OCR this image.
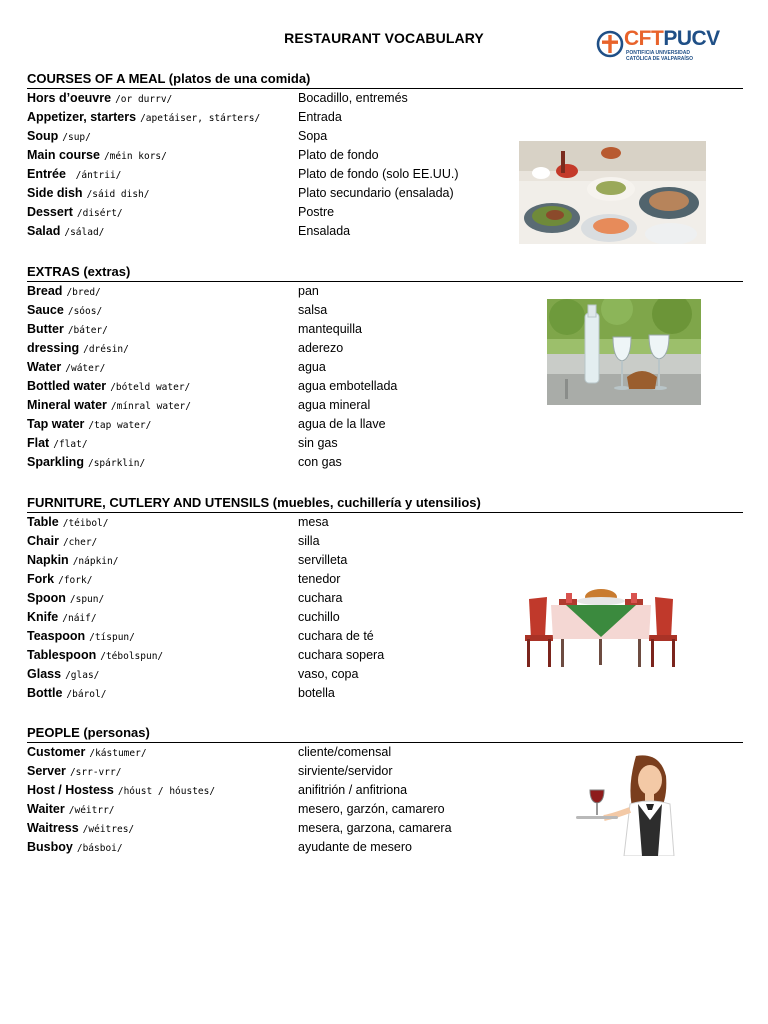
RESTAURANT VOCABULARY	CFTPUCV
PONTIFICIA UNIVERSIDAD
CATÓLICA DE VALPARAÍSO
COURSES OF A MEAL (platos de una comida)
Hors d’oeuvre /or durrv/	Bocadillo, entremés
Appetizer, starters /apetáiser, stárters/	Entrada
Soup /sup/	Sopa
Main course /méin kors/	Plato de fondo
Entrée /ántrii/	Plato de fondo (solo EE.UU.)
Side dish /sáid dish/	Plato secundario (ensalada)
Dessert /disért/	Postre
Salad /sálad/	Ensalada
EXTRAS (extras)
Bread /bred/	pan
Sauce /sóos/	salsa
Butter /báter/	mantequilla
dressing /drésin/	aderezo
Water /wáter/	agua
Bottled water /bóteld water/	agua embotellada
Mineral water /mínral water/	agua mineral
Tap water /tap water/	agua de la llave
Flat /flat/	sin gas
Sparkling /spárklin/	con gas
FURNITURE, CUTLERY AND UTENSILS (muebles, cuchillería y utensilios)
Table /téibol/	mesa
Chair /cher/	silla
Napkin /nápkin/	servilleta
Fork /fork/	tenedor
Spoon /spun/	cuchara
Knife /náif/	cuchillo
Teaspoon /tíspun/	cuchara de té
Tablespoon /tébolspun/	cuchara sopera
Glass /glas/	vaso, copa
Bottle /bárol/	botella
PEOPLE (personas)
Customer /kástumer/	cliente/comensal
Server /srr-vrr/	sirviente/servidor
Host / Hostess /hóust / hóustes/	anifitrión / anfitriona
Waiter /wéitrr/	mesero, garzón, camarero
Waitress /wéitres/	mesera, garzona, camarera
Busboy /básboi/	ayudante de mesero
